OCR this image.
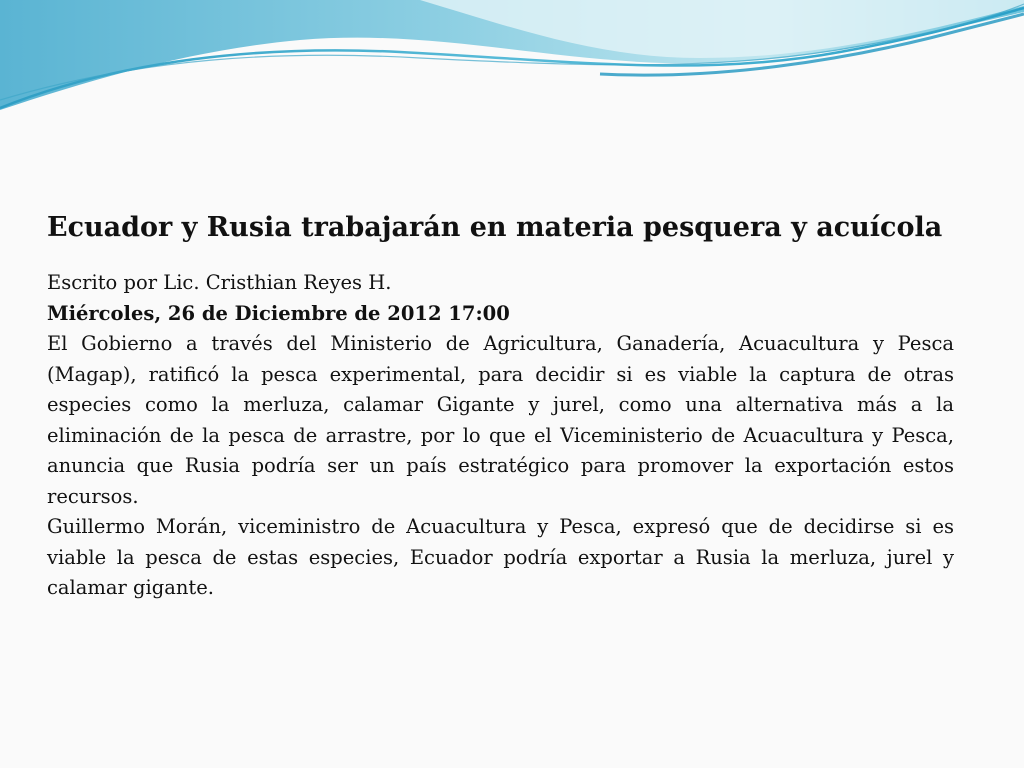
Ecuador y Rusia trabajarán en materia pesquera y acuícola

Escrito por Lic. Cristhian Reyes H.

Miércoles, 26 de Diciembre de 2012 17:00

El Gobierno a través del Ministerio de Agricultura, Ganadería, Acuacultura y Pesca (Magap), ratificó la pesca experimental, para decidir si es viable la captura de otras especies como la merluza, calamar Gigante y jurel, como una alternativa más a la eliminación de la pesca de arrastre, por lo que el Viceministerio de Acuacultura y Pesca, anuncia que Rusia podría ser un país estratégico para promover la exportación estos recursos.

Guillermo Morán, viceministro de Acuacultura y Pesca, expresó que de decidirse si es viable la pesca de estas especies, Ecuador podría exportar a Rusia la merluza, jurel y calamar gigante.
